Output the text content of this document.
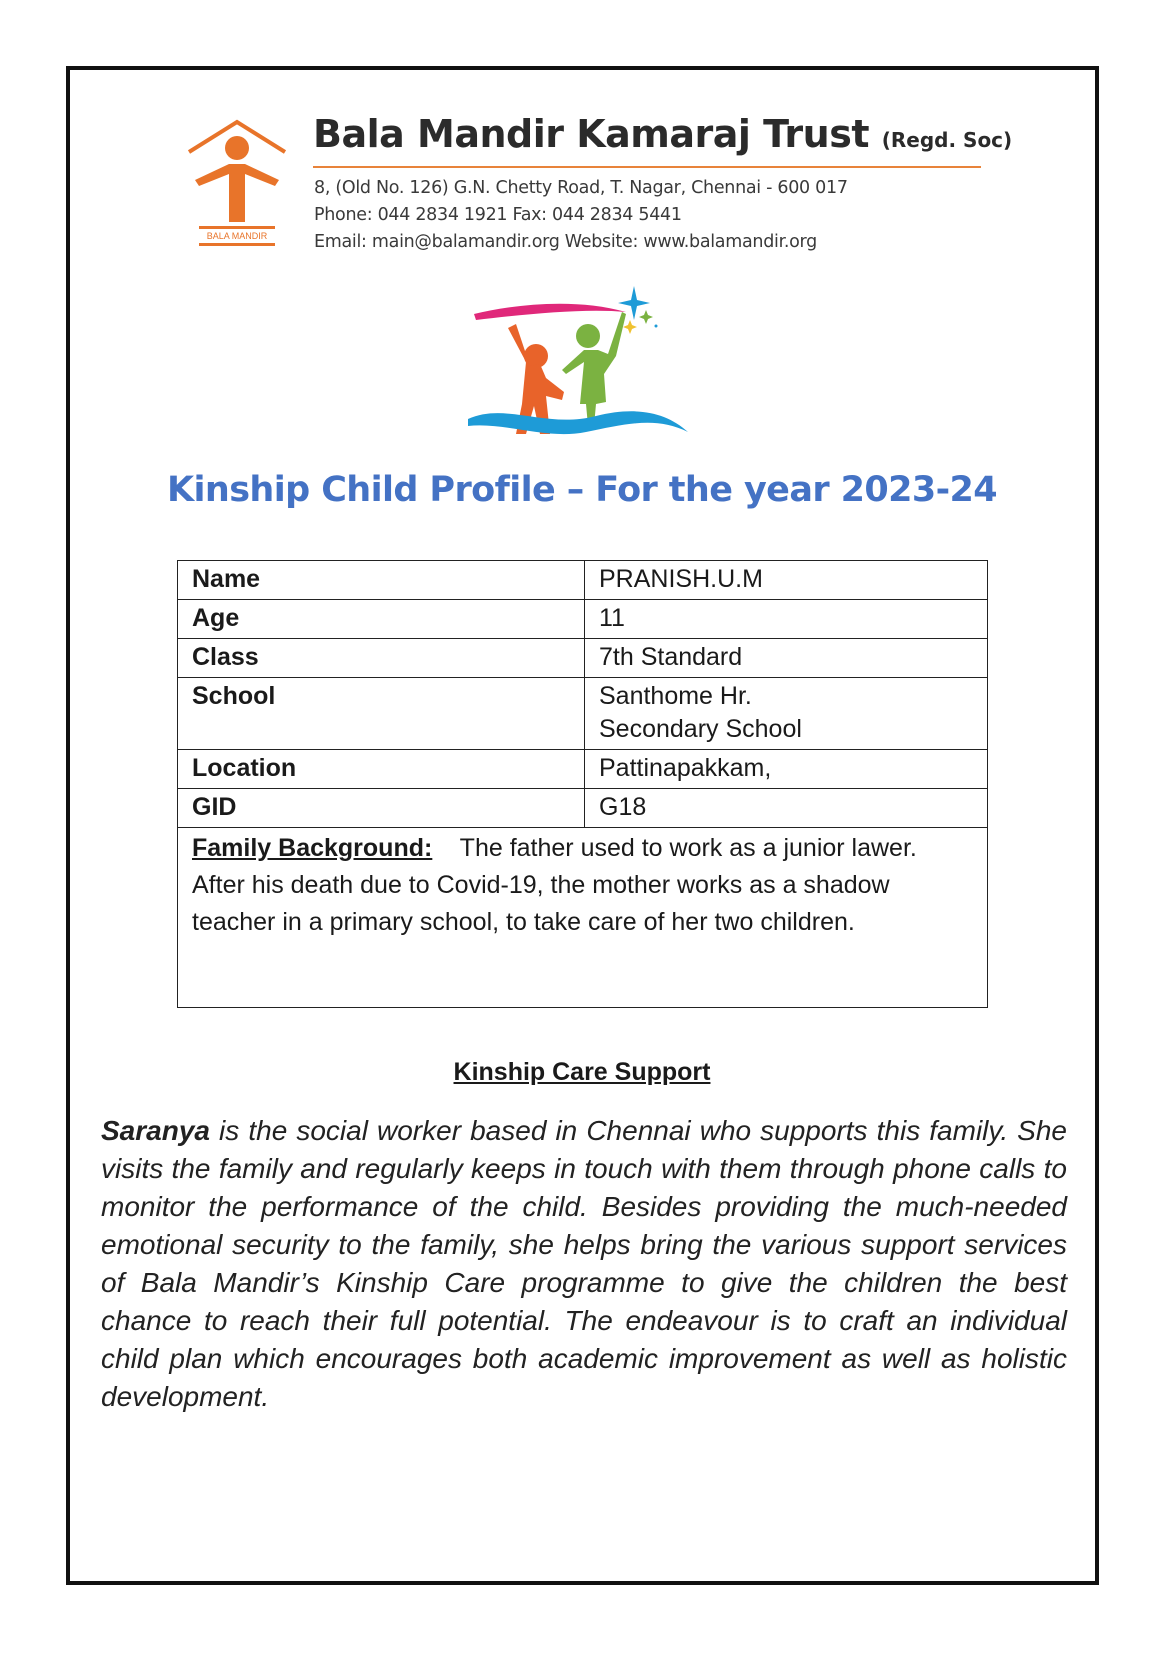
BALA MANDIR
Bala Mandir Kamaraj Trust (Regd. Soc)
8, (Old No. 126) G.N. Chetty Road, T. Nagar, Chennai - 600 017
Phone: 044 2834 1921 Fax: 044 2834 5441
Email: main@balamandir.org Website: www.balamandir.org
Kinship Child Profile – For the year 2023-24
Name	PRANISH.U.M
Age	11
Class	7th Standard
School	Santhome Hr. Secondary School
Location	Pattinapakkam,
GID	G18
Family Background: The father used to work as a junior lawer. After his death due to Covid-19, the mother works as a shadow teacher in a primary school, to take care of her two children.	
Kinship Care Support
Saranya is the social worker based in Chennai who supports this family. She visits the family and regularly keeps in touch with them through phone calls to monitor the performance of the child. Besides providing the much-needed emotional security to the family, she helps bring the various support services of Bala Mandir’s Kinship Care programme to give the children the best chance to reach their full potential. The endeavour is to craft an individual child plan which encourages both academic improvement as well as holistic development.
